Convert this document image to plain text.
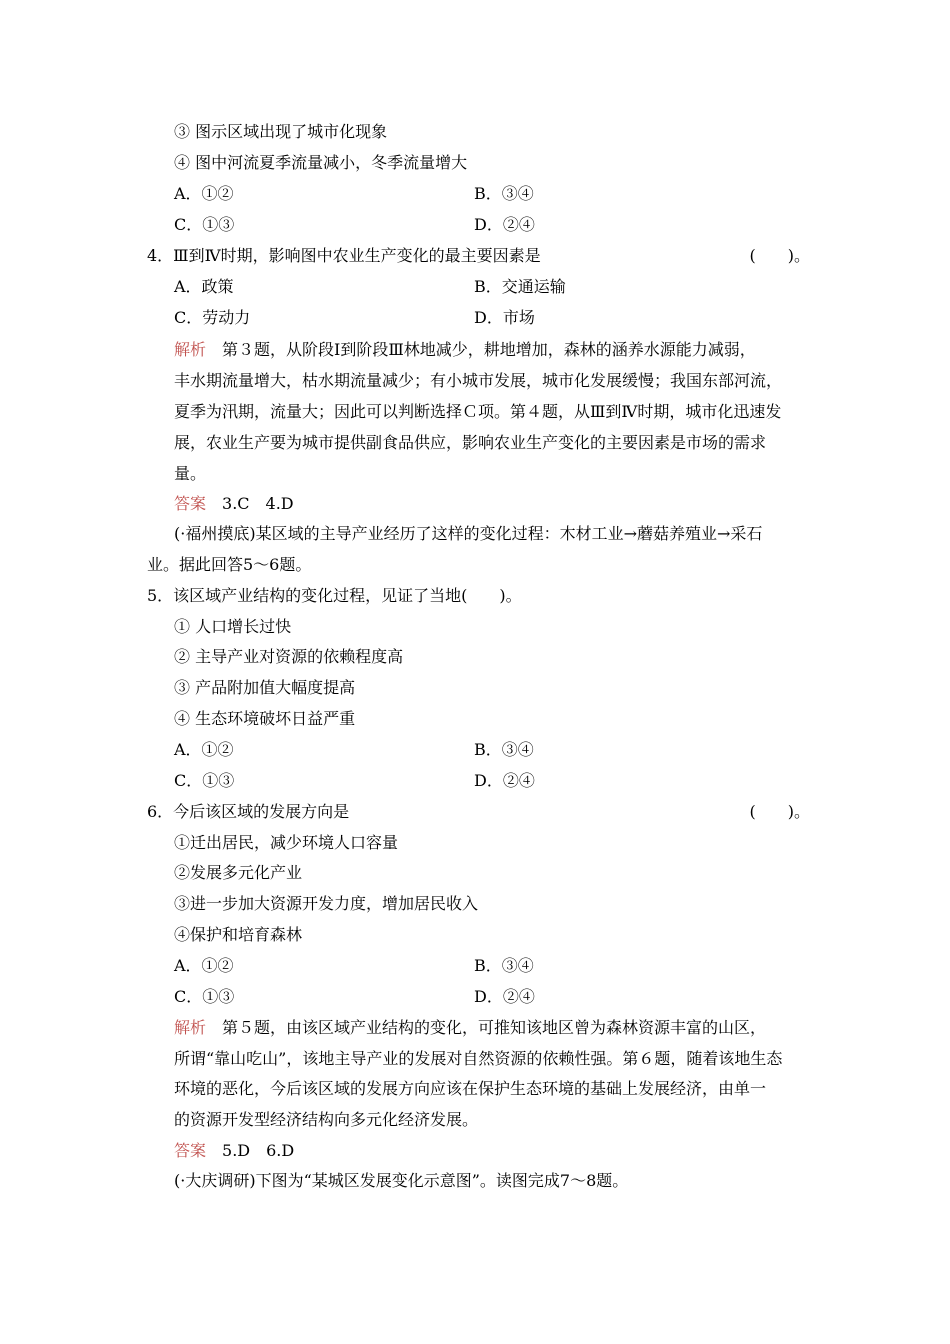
③ 图示区域出现了城市化现象
④ 图中河流夏季流量减小，冬季流量增大
A．①②	B．③④
C．①③	D．②④
4．Ⅲ到Ⅳ时期，影响图中农业生产变化的最主要因素是	(　　)。
A．政策	B．交通运输
C．劳动力	D．市场
解析　第３题，从阶段Ⅰ到阶段Ⅲ林地减少，耕地增加，森林的涵养水源能力减弱，
丰水期流量增大，枯水期流量减少；有小城市发展，城市化发展缓慢；我国东部河流，
夏季为汛期，流量大；因此可以判断选择Ｃ项。第４题，从Ⅲ到Ⅳ时期，城市化迅速发
展，农业生产要为城市提供副食品供应，影响农业生产变化的主要因素是市场的需求
量。
答案　3.C　4.D
(·福州摸底)某区域的主导产业经历了这样的变化过程：木材工业→蘑菇养殖业→采石
业。据此回答5～6题。
5．该区域产业结构的变化过程，见证了当地(　　)。
① 人口增长过快
② 主导产业对资源的依赖程度高
③ 产品附加值大幅度提高
④ 生态环境破坏日益严重
A．①②	B．③④
C．①③	D．②④
6．今后该区域的发展方向是	(　　)。
①迁出居民，减少环境人口容量
②发展多元化产业
③进一步加大资源开发力度，增加居民收入
④保护和培育森林
A．①②	B．③④
C．①③	D．②④
解析　第５题，由该区域产业结构的变化，可推知该地区曾为森林资源丰富的山区，
所谓“靠山吃山”，该地主导产业的发展对自然资源的依赖性强。第６题，随着该地生态
环境的恶化，今后该区域的发展方向应该在保护生态环境的基础上发展经济，由单一
的资源开发型经济结构向多元化经济发展。
答案　5.D　6.D
(·大庆调研)下图为“某城区发展变化示意图”。读图完成7～8题。
